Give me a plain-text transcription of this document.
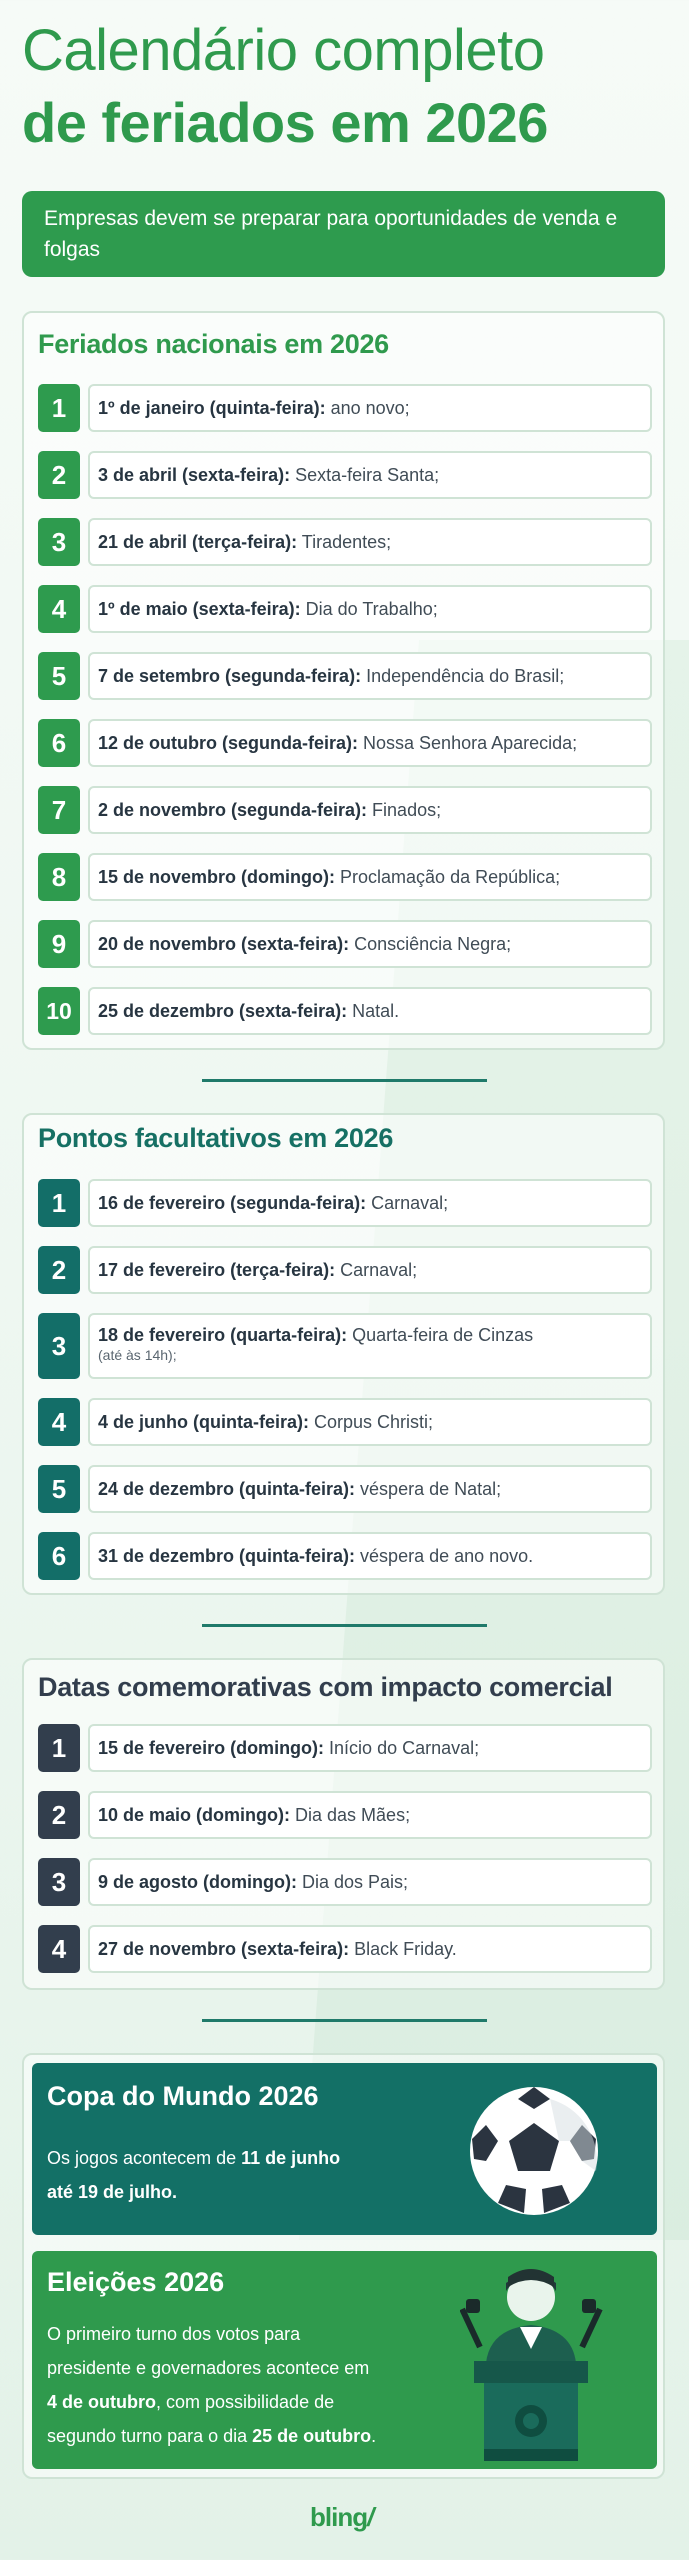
Calendário completo
de feriados em 2026
Empresas devem se preparar para oportunidades de venda e folgas
Feriados nacionais em 2026
1	1º de janeiro (quinta-feira): ano novo;
2	3 de abril (sexta-feira): Sexta-feira Santa;
3	21 de abril (terça-feira): Tiradentes;
4	1º de maio (sexta-feira): Dia do Trabalho;
5	7 de setembro (segunda-feira): Independência do Brasil;
6	12 de outubro (segunda-feira): Nossa Senhora Aparecida;
7	2 de novembro (segunda-feira): Finados;
8	15 de novembro (domingo): Proclamação da República;
9	20 de novembro (sexta-feira): Consciência Negra;
10	25 de dezembro (sexta-feira): Natal.
Pontos facultativos em 2026
1	16 de fevereiro (segunda-feira): Carnaval;
2	17 de fevereiro (terça-feira): Carnaval;
3	18 de fevereiro (quarta-feira): Quarta-feira de Cinzas
(até às 14h);
4	4 de junho (quinta-feira): Corpus Christi;
5	24 de dezembro (quinta-feira): véspera de Natal;
6	31 de dezembro (quinta-feira): véspera de ano novo.
Datas comemorativas com impacto comercial
1	15 de fevereiro (domingo): Início do Carnaval;
2	10 de maio (domingo): Dia das Mães;
3	9 de agosto (domingo): Dia dos Pais;
4	27 de novembro (sexta-feira): Black Friday.
Copa do Mundo 2026
Os jogos acontecem de 11 de junho
até 19 de julho.
Eleições 2026
O primeiro turno dos votos para
presidente e governadores acontece em
4 de outubro, com possibilidade de
segundo turno para o dia 25 de outubro.
bling/
